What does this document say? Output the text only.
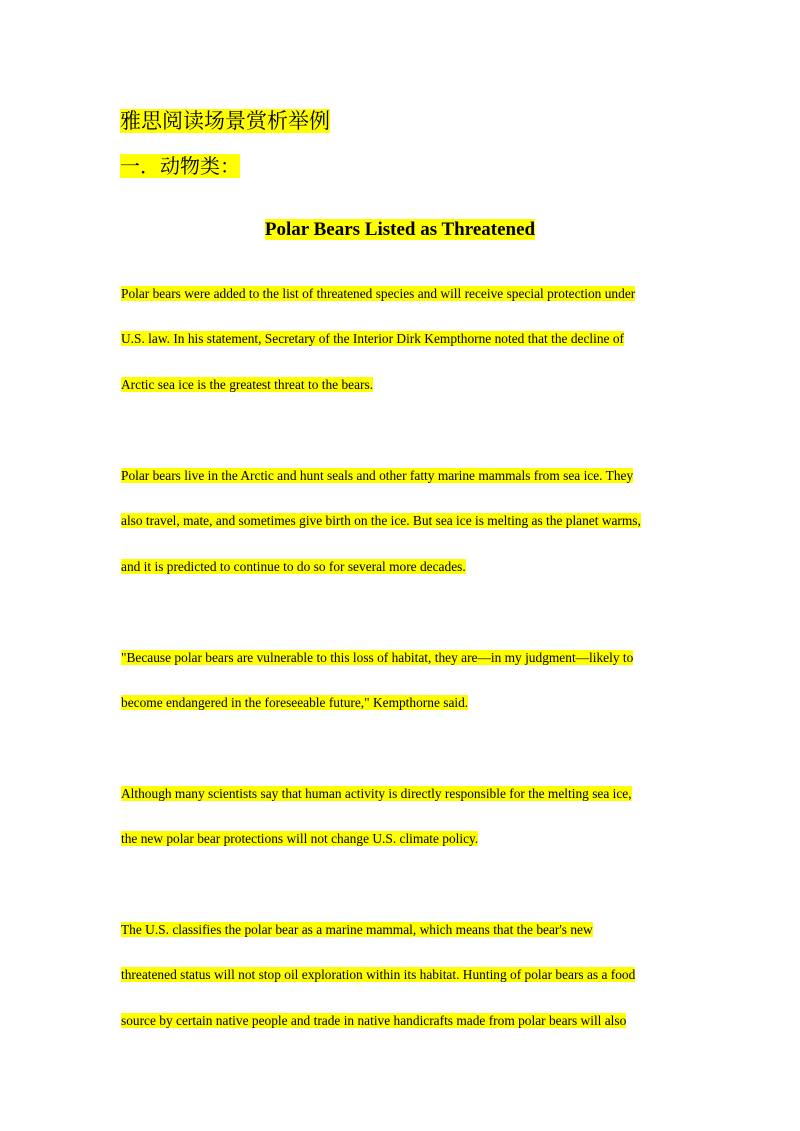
雅思阅读场景赏析举例
一．动物类：
Polar Bears Listed as Threatened
Polar bears were added to the list of threatened species and will receive special protection under
U.S. law. In his statement, Secretary of the Interior Dirk Kempthorne noted that the decline of
Arctic sea ice is the greatest threat to the bears.
Polar bears live in the Arctic and hunt seals and other fatty marine mammals from sea ice. They
also travel, mate, and sometimes give birth on the ice. But sea ice is melting as the planet warms,
and it is predicted to continue to do so for several more decades.
"Because polar bears are vulnerable to this loss of habitat, they are—in my judgment—likely to
become endangered in the foreseeable future," Kempthorne said.
Although many scientists say that human activity is directly responsible for the melting sea ice,
the new polar bear protections will not change U.S. climate policy.
The U.S. classifies the polar bear as a marine mammal, which means that the bear's new
threatened status will not stop oil exploration within its habitat. Hunting of polar bears as a food
source by certain native people and trade in native handicrafts made from polar bears will also
